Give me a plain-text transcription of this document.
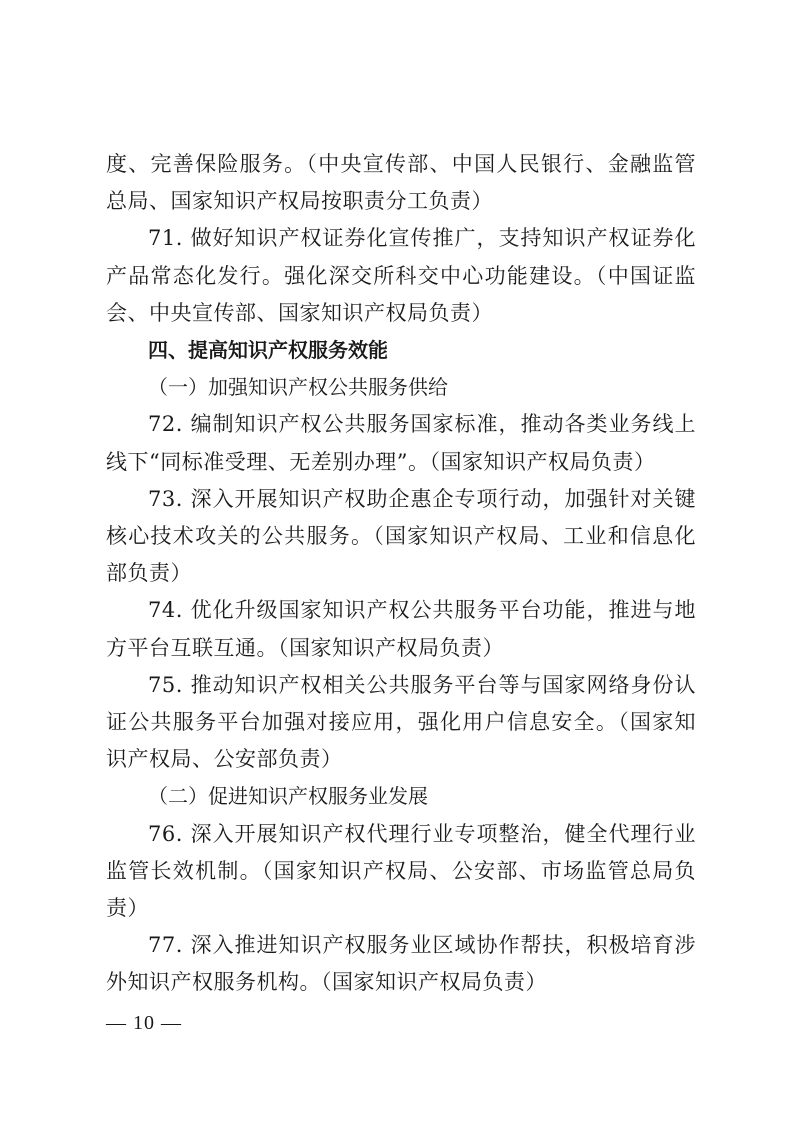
度、完善保险服务。（中央宣传部、中国人民银行、金融监管总局、国家知识产权局按职责分工负责）

71. 做好知识产权证券化宣传推广，支持知识产权证券化产品常态化发行。强化深交所科交中心功能建设。（中国证监会、中央宣传部、国家知识产权局负责）

四、提高知识产权服务效能

（一）加强知识产权公共服务供给

72. 编制知识产权公共服务国家标准，推动各类业务线上线下“同标准受理、无差别办理”。（国家知识产权局负责）

73. 深入开展知识产权助企惠企专项行动，加强针对关键核心技术攻关的公共服务。（国家知识产权局、工业和信息化部负责）

74. 优化升级国家知识产权公共服务平台功能，推进与地方平台互联互通。（国家知识产权局负责）

75. 推动知识产权相关公共服务平台等与国家网络身份认证公共服务平台加强对接应用，强化用户信息安全。（国家知识产权局、公安部负责）

（二）促进知识产权服务业发展

76. 深入开展知识产权代理行业专项整治，健全代理行业监管长效机制。（国家知识产权局、公安部、市场监管总局负责）

77. 深入推进知识产权服务业区域协作帮扶，积极培育涉外知识产权服务机构。（国家知识产权局负责）

— 10 —
